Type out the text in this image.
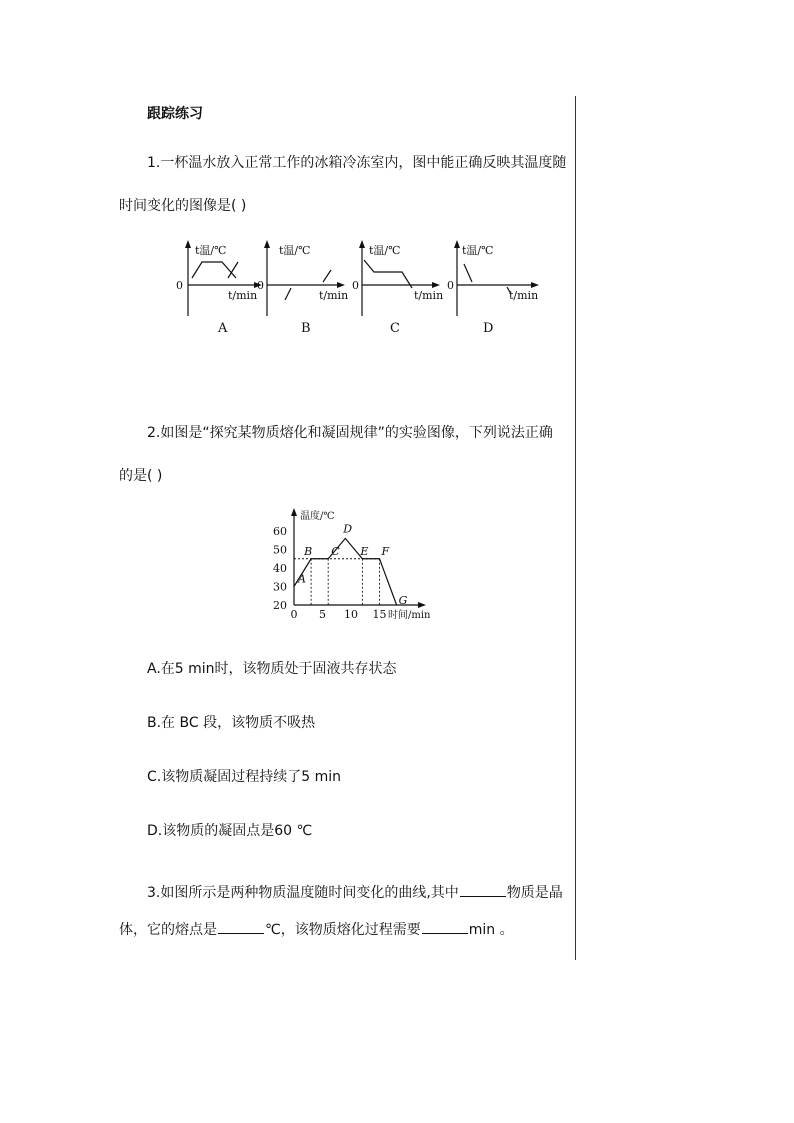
跟踪练习
1.一杯温水放入正常工作的冰箱冷冻室内，图中能正确反映其温度随
时间变化的图像是( )
0
t温/℃
t/min
A
0
t温/℃
t/min
B
0
t温/℃
t/min
C
0
t温/℃
t/min
D
2.如图是“探究某物质熔化和凝固规律”的实验图像，下列说法正确
的是( )
温度/℃
时间/min
20
30
40
50
60
0 5 10 15
A
B C
D
E F
G
A.在5 min时，该物质处于固液共存状态
B.在 BC 段，该物质不吸热
C.该物质凝固过程持续了5 min
D.该物质的凝固点是60 ℃
3.如图所示是两种物质温度随时间变化的曲线,其中	物质是晶
体，它的熔点是	℃，该物质熔化过程需要	min 。
